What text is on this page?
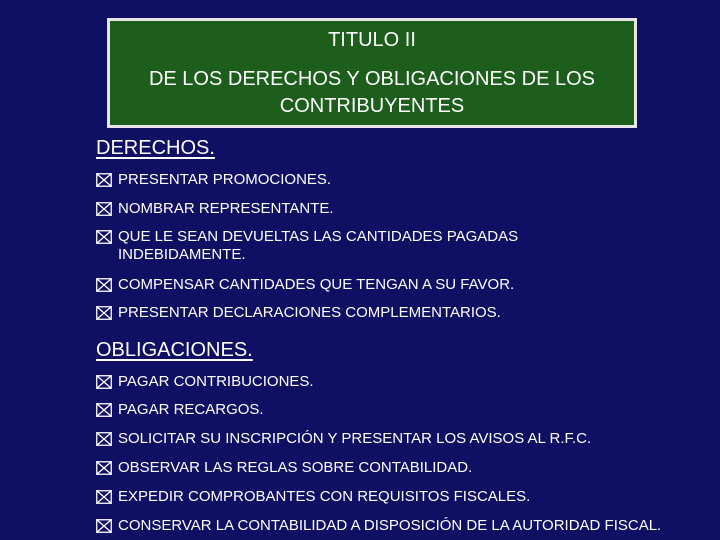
TITULO II
DE LOS DERECHOS Y OBLIGACIONES DE LOS CONTRIBUYENTES
DERECHOS.
PRESENTAR PROMOCIONES.
NOMBRAR REPRESENTANTE.
QUE LE SEAN DEVUELTAS LAS CANTIDADES PAGADAS INDEBIDAMENTE.
COMPENSAR CANTIDADES QUE TENGAN A SU FAVOR.
PRESENTAR DECLARACIONES COMPLEMENTARIOS.
OBLIGACIONES.
PAGAR CONTRIBUCIONES.
PAGAR RECARGOS.
SOLICITAR SU INSCRIPCIÓN Y PRESENTAR LOS AVISOS AL R.F.C.
OBSERVAR LAS REGLAS SOBRE CONTABILIDAD.
EXPEDIR COMPROBANTES CON REQUISITOS FISCALES.
CONSERVAR LA CONTABILIDAD A DISPOSICIÓN DE LA AUTORIDAD FISCAL.
